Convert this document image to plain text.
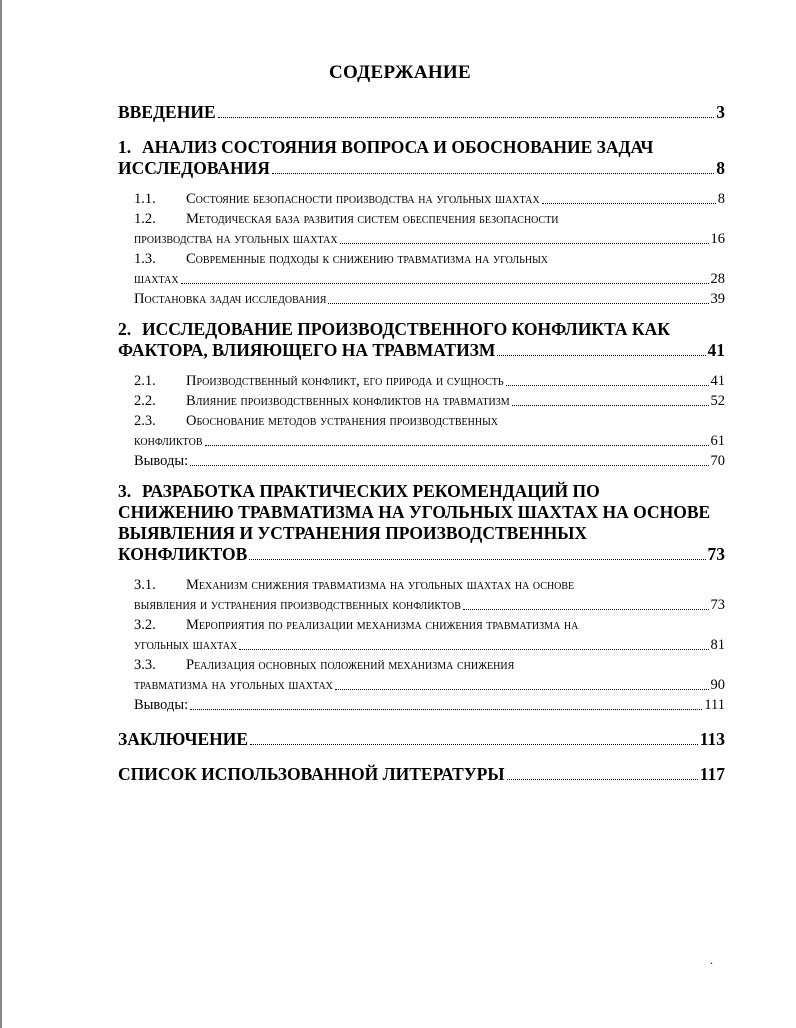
СОДЕРЖАНИЕ
ВВЕДЕНИЕ	3
1. АНАЛИЗ СОСТОЯНИЯ ВОПРОСА И ОБОСНОВАНИЕ ЗАДАЧ
ИССЛЕДОВАНИЯ	8
1.1.	Состояние безопасности производства на угольных шахтах	8
1.2.	Методическая база развития систем обеспечения безопасности
производства на угольных шахтах	16
1.3.	Современные подходы к снижению травматизма на угольных
шахтах	28
Постановка задач исследования	39
2. ИССЛЕДОВАНИЕ ПРОИЗВОДСТВЕННОГО КОНФЛИКТА КАК
ФАКТОРА, ВЛИЯЮЩЕГО НА ТРАВМАТИЗМ	41
2.1.	Производственный конфликт, его природа и сущность	41
2.2.	Влияние производственных конфликтов на травматизм	52
2.3.	Обоснование методов устранения производственных
конфликтов	61
Выводы:	70
3. РАЗРАБОТКА ПРАКТИЧЕСКИХ РЕКОМЕНДАЦИЙ ПО
СНИЖЕНИЮ ТРАВМАТИЗМА НА УГОЛЬНЫХ ШАХТАХ НА ОСНОВЕ
ВЫЯВЛЕНИЯ И УСТРАНЕНИЯ ПРОИЗВОДСТВЕННЫХ
КОНФЛИКТОВ	73
3.1.	Механизм снижения травматизма на угольных шахтах на основе
выявления и устранения производственных конфликтов	73
3.2.	Мероприятия по реализации механизма снижения травматизма на
угольных шахтах	81
3.3.	Реализация основных положений механизма снижения
травматизма на угольных шахтах	90
Выводы:	111
ЗАКЛЮЧЕНИЕ	113
СПИСОК ИСПОЛЬЗОВАННОЙ ЛИТЕРАТУРЫ	117
.
